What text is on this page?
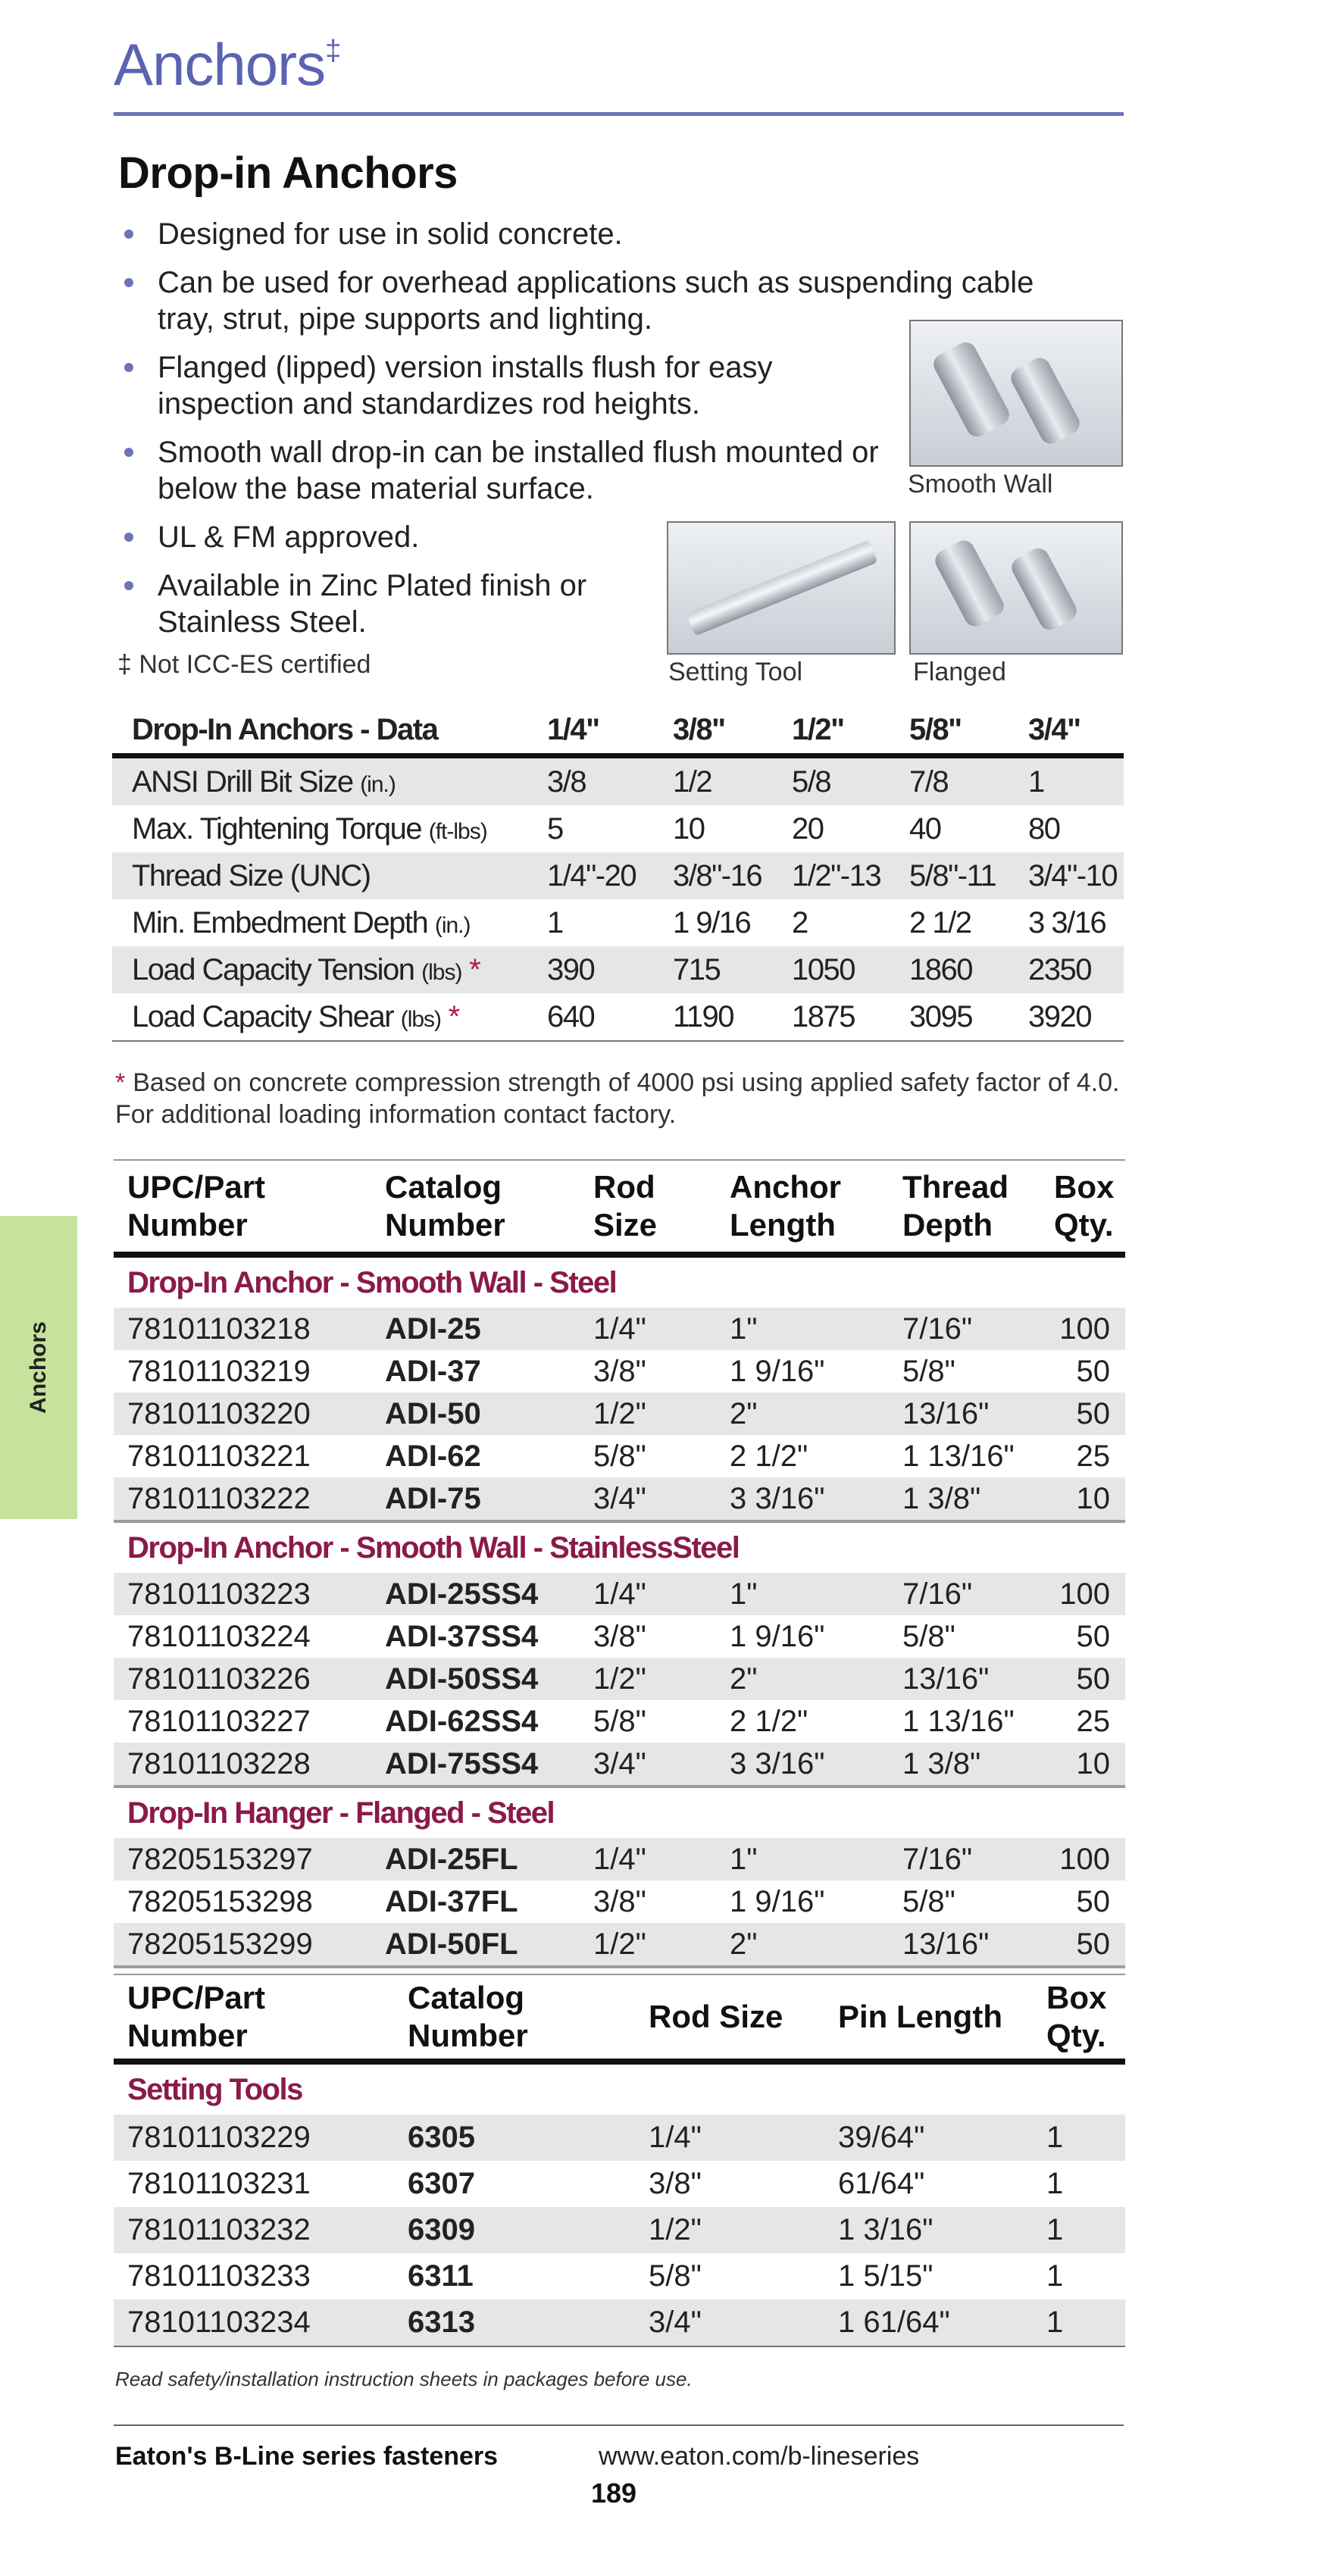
Anchors‡
Drop-in Anchors
Designed for use in solid concrete.
Can be used for overhead applications such as suspending cable tray, strut, pipe supports and lighting.
Flanged (lipped) version installs flush for easy inspection and standardizes rod heights.
Smooth wall drop-in can be installed flush mounted or below the base material surface.
UL & FM approved.
Available in Zinc Plated finish or Stainless Steel.
‡ Not ICC-ES certified
Smooth Wall
Setting Tool	Flanged
Drop-In Anchors - Data	1/4"	3/8"	1/2"	5/8"	3/4"
ANSI Drill Bit Size (in.)	3/8	1/2	5/8	7/8	1
Max. Tightening Torque (ft-lbs)	5	10	20	40	80
Thread Size (UNC)	1/4"-20	3/8"-16	1/2"-13	5/8"-11	3/4"-10
Min. Embedment Depth (in.)	1	1 9/16	2	2 1/2	3 3/16
Load Capacity Tension (lbs) *	390	715	1050	1860	2350
Load Capacity Shear (lbs) *	640	1190	1875	3095	3920
* Based on concrete compression strength of 4000 psi using applied safety factor of 4.0. For additional loading information contact factory.
Anchors
UPC/Part Number	Catalog Number	Rod Size	Anchor Length	Thread Depth	Box Qty.
Drop-In Anchor - Smooth Wall - Steel					
78101103218	ADI-25	1/4"	1"	7/16"	100
78101103219	ADI-37	3/8"	1 9/16"	5/8"	50
78101103220	ADI-50	1/2"	2"	13/16"	50
78101103221	ADI-62	5/8"	2 1/2"	1 13/16"	25
78101103222	ADI-75	3/4"	3 3/16"	1 3/8"	10
Drop-In Anchor - Smooth Wall - StainlessSteel					
78101103223	ADI-25SS4	1/4"	1"	7/16"	100
78101103224	ADI-37SS4	3/8"	1 9/16"	5/8"	50
78101103226	ADI-50SS4	1/2"	2"	13/16"	50
78101103227	ADI-62SS4	5/8"	2 1/2"	1 13/16"	25
78101103228	ADI-75SS4	3/4"	3 3/16"	1 3/8"	10
Drop-In Hanger - Flanged - Steel					
78205153297	ADI-25FL	1/4"	1"	7/16"	100
78205153298	ADI-37FL	3/8"	1 9/16"	5/8"	50
78205153299	ADI-50FL	1/2"	2"	13/16"	50
UPC/Part Number	Catalog Number	Rod Size	Pin Length	Box Qty.
Setting Tools				
78101103229	6305	1/4"	39/64"	1
78101103231	6307	3/8"	61/64"	1
78101103232	6309	1/2"	1 3/16"	1
78101103233	6311	5/8"	1 5/15"	1
78101103234	6313	3/4"	1 61/64"	1
Read safety/installation instruction sheets in packages before use.
Eaton's B-Line series fasteners	www.eaton.com/b-lineseries
189
